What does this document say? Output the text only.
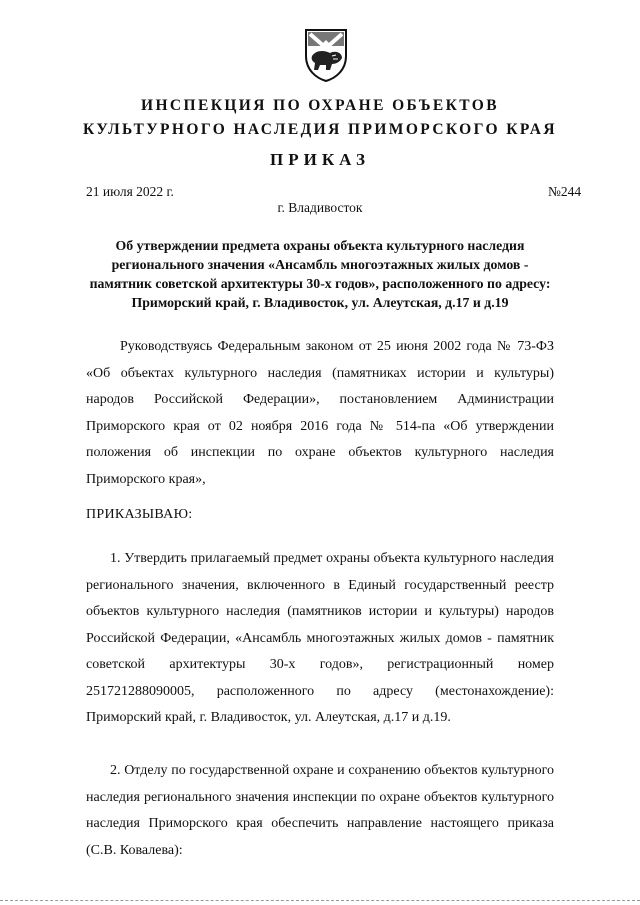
ИНСПЕКЦИЯ ПО ОХРАНЕ ОБЪЕКТОВ
КУЛЬТУРНОГО НАСЛЕДИЯ ПРИМОРСКОГО КРАЯ
ПРИКАЗ
21 июля 2022 г.	№244
г. Владивосток
Об утверждении предмета охраны объекта культурного наследия регионального значения «Ансамбль многоэтажных жилых домов - памятник советской архитектуры 30-х годов», расположенного по адресу: Приморский край, г. Владивосток, ул. Алеутская, д.17 и д.19
Руководствуясь Федеральным законом от 25 июня 2002 года № 73-ФЗ «Об объектах культурного наследия (памятниках истории и культуры) народов Российской Федерации», постановлением Администрации Приморского края от 02 ноября 2016 года № 514-па «Об утверждении положения об инспекции по охране объектов культурного наследия Приморского края»,
ПРИКАЗЫВАЮ:
1. Утвердить прилагаемый предмет охраны объекта культурного наследия регионального значения, включенного в Единый государственный реестр объектов культурного наследия (памятников истории и культуры) народов Российской Федерации, «Ансамбль многоэтажных жилых домов - памятник советской архитектуры 30-х годов», регистрационный номер 251721288090005, расположенного по адресу (местонахождение): Приморский край, г. Владивосток, ул. Алеутская, д.17 и д.19.
2. Отделу по государственной охране и сохранению объектов культурного наследия регионального значения инспекции по охране объектов культурного наследия Приморского края обеспечить направление настоящего приказа (С.В. Ковалева):
